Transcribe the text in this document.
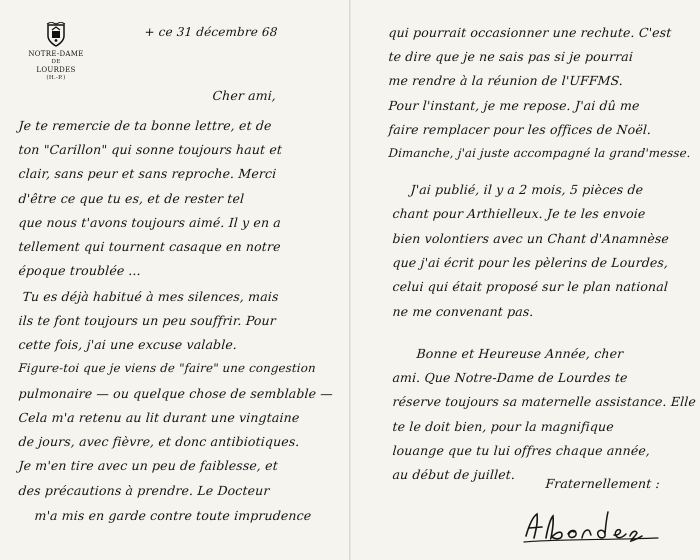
NOTRE-DAME
DE
LOURDES
(H.-P.)
+ ce 31 décembre 68
Cher ami,
Je te remercie de ta bonne lettre, et de
ton "Carillon" qui sonne toujours haut et
clair, sans peur et sans reproche. Merci
d'être ce que tu es, et de rester tel
que nous t'avons toujours aimé. Il y en a
tellement qui tournent casaque en notre
époque troublée ...
Tu es déjà habitué à mes silences, mais
ils te font toujours un peu souffrir. Pour
cette fois, j'ai une excuse valable.
Figure-toi que je viens de "faire" une congestion
pulmonaire — ou quelque chose de semblable —
Cela m'a retenu au lit durant une vingtaine
de jours, avec fièvre, et donc antibiotiques.
Je m'en tire avec un peu de faiblesse, et
des précautions à prendre. Le Docteur
m'a mis en garde contre toute imprudence
qui pourrait occasionner une rechute. C'est
te dire que je ne sais pas si je pourrai
me rendre à la réunion de l'UFFMS.
Pour l'instant, je me repose. J'ai dû me
faire remplacer pour les offices de Noël.
Dimanche, j'ai juste accompagné la grand'messe.
J'ai publié, il y a 2 mois, 5 pièces de
chant pour Arthielleux. Je te les envoie
bien volontiers avec un Chant d'Anamnèse
que j'ai écrit pour les pèlerins de Lourdes,
celui qui était proposé sur le plan national
ne me convenant pas.
Bonne et Heureuse Année, cher
ami. Que Notre-Dame de Lourdes te
réserve toujours sa maternelle assistance. Elle
te le doit bien, pour la magnifique
louange que tu lui offres chaque année,
au début de juillet.
Fraternellement :
